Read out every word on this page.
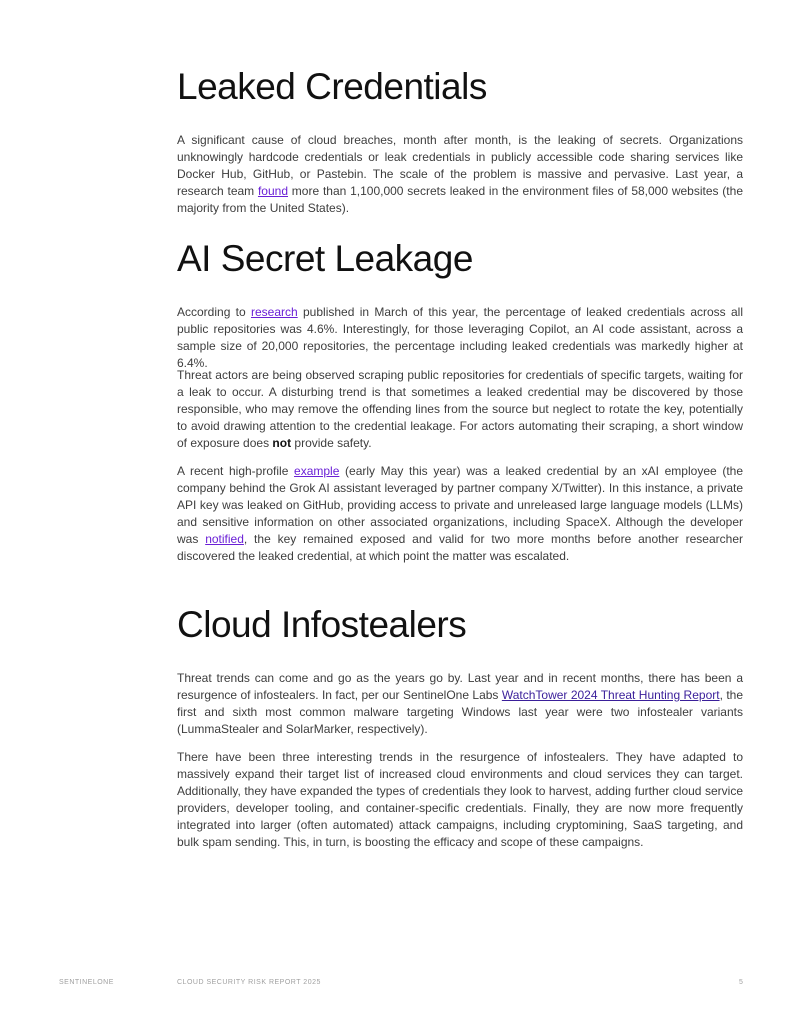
Leaked Credentials

A significant cause of cloud breaches, month after month, is the leaking of secrets. Organizations unknowingly hardcode credentials or leak credentials in publicly accessible code sharing services like Docker Hub, GitHub, or Pastebin. The scale of the problem is massive and pervasive. Last year, a research team found more than 1,100,000 secrets leaked in the environment files of 58,000 websites (the majority from the United States).

AI Secret Leakage

According to research published in March of this year, the percentage of leaked credentials across all public repositories was 4.6%. Interestingly, for those leveraging Copilot, an AI code assistant, across a sample size of 20,000 repositories, the percentage including leaked credentials was markedly higher at 6.4%.

Threat actors are being observed scraping public repositories for credentials of specific targets, waiting for a leak to occur. A disturbing trend is that sometimes a leaked credential may be discovered by those responsible, who may remove the offending lines from the source but neglect to rotate the key, potentially to avoid drawing attention to the credential leakage. For actors automating their scraping, a short window of exposure does not provide safety.

A recent high-profile example (early May this year) was a leaked credential by an xAI employee (the company behind the Grok AI assistant leveraged by partner company X/Twitter). In this instance, a private API key was leaked on GitHub, providing access to private and unreleased large language models (LLMs) and sensitive information on other associated organizations, including SpaceX. Although the developer was notified, the key remained exposed and valid for two more months before another researcher discovered the leaked credential, at which point the matter was escalated.

Cloud Infostealers

Threat trends can come and go as the years go by. Last year and in recent months, there has been a resurgence of infostealers. In fact, per our SentinelOne Labs WatchTower 2024 Threat Hunting Report, the first and sixth most common malware targeting Windows last year were two infostealer variants (LummaStealer and SolarMarker, respectively).

There have been three interesting trends in the resurgence of infostealers. They have adapted to massively expand their target list of increased cloud environments and cloud services they can target. Additionally, they have expanded the types of credentials they look to harvest, adding further cloud service providers, developer tooling, and container-specific credentials. Finally, they are now more frequently integrated into larger (often automated) attack campaigns, including cryptomining, SaaS targeting, and bulk spam sending. This, in turn, is boosting the efficacy and scope of these campaigns.

SENTINELONE	CLOUD SECURITY RISK REPORT 2025	5
